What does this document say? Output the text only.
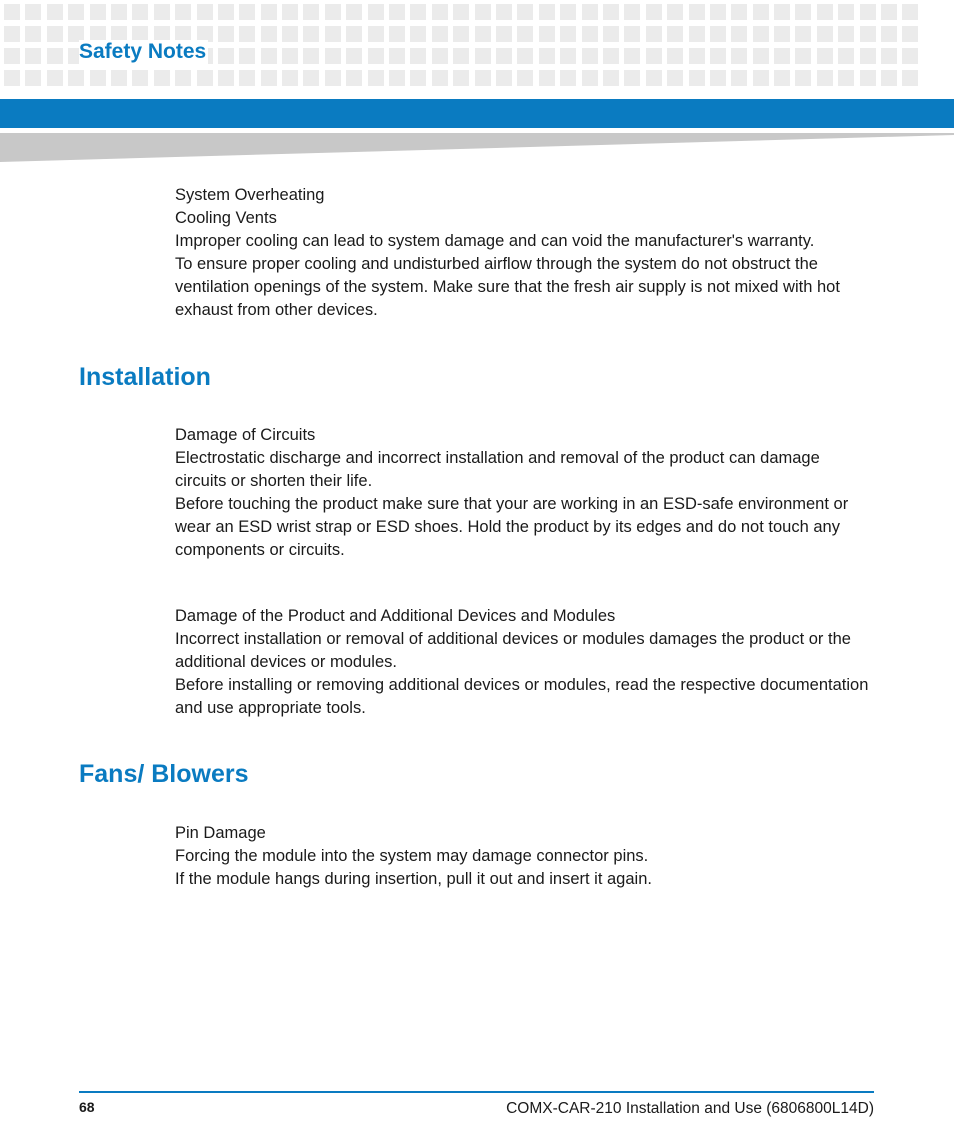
Safety Notes

System Overheating

Cooling Vents

Improper cooling can lead to system damage and can void the manufacturer's warranty.

To ensure proper cooling and undisturbed airflow through the system do not obstruct the ventilation openings of the system. Make sure that the fresh air supply is not mixed with hot exhaust from other devices.

Installation

Damage of Circuits

Electrostatic discharge and incorrect installation and removal of the product can damage circuits or shorten their life.

Before touching the product make sure that your are working in an ESD-safe environment or wear an ESD wrist strap or ESD shoes. Hold the product by its edges and do not touch any components or circuits.

Damage of the Product and Additional Devices and Modules

Incorrect installation or removal of additional devices or modules damages the product or the additional devices or modules.

Before installing or removing additional devices or modules, read the respective documentation and use appropriate tools.

Fans/ Blowers

Pin Damage

Forcing the module into the system may damage connector pins.

If the module hangs during insertion, pull it out and insert it again.

68	COMX-CAR-210 Installation and Use (6806800L14D)
